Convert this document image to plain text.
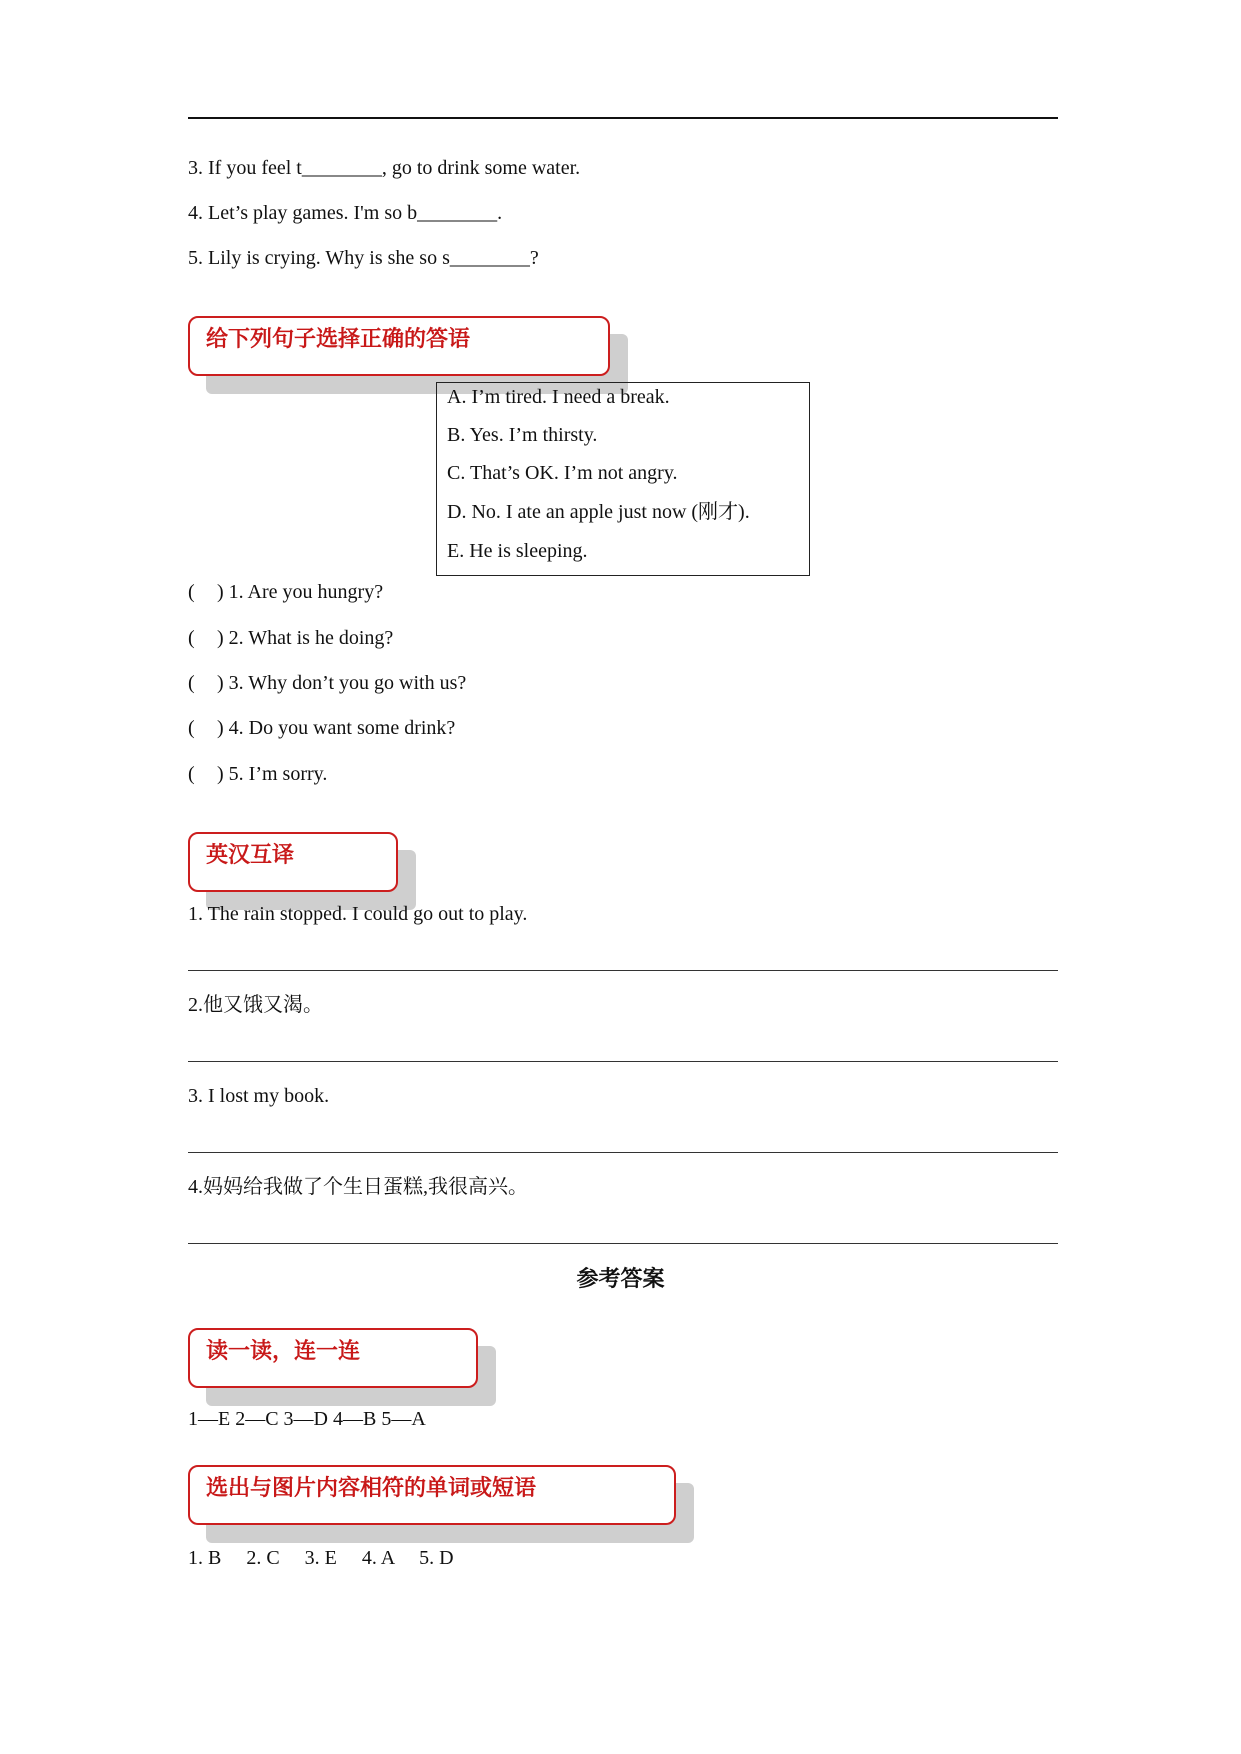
3. If you feel t________, go to drink some water.
4. Let’s play games. I'm so b________.
5. Lily is crying. Why is she so s________?
给下列句子选择正确的答语
A. I’m tired. I need a break.
B. Yes. I’m thirsty.
C. That’s OK. I’m not angry.
D. No. I ate an apple just now (刚才).
E. He is sleeping.
( ) 1. Are you hungry?
( ) 2. What is he doing?
( ) 3. Why don’t you go with us?
( ) 4. Do you want some drink?
( ) 5. I’m sorry.
英汉互译
1. The rain stopped. I could go out to play.
2.他又饿又渴。
3. I lost my book.
4.妈妈给我做了个生日蛋糕,我很高兴。
参考答案
读一读，连一连
1—E 2—C 3—D 4—B 5—A
选出与图片内容相符的单词或短语
1. B     2. C     3. E     4. A     5. D
